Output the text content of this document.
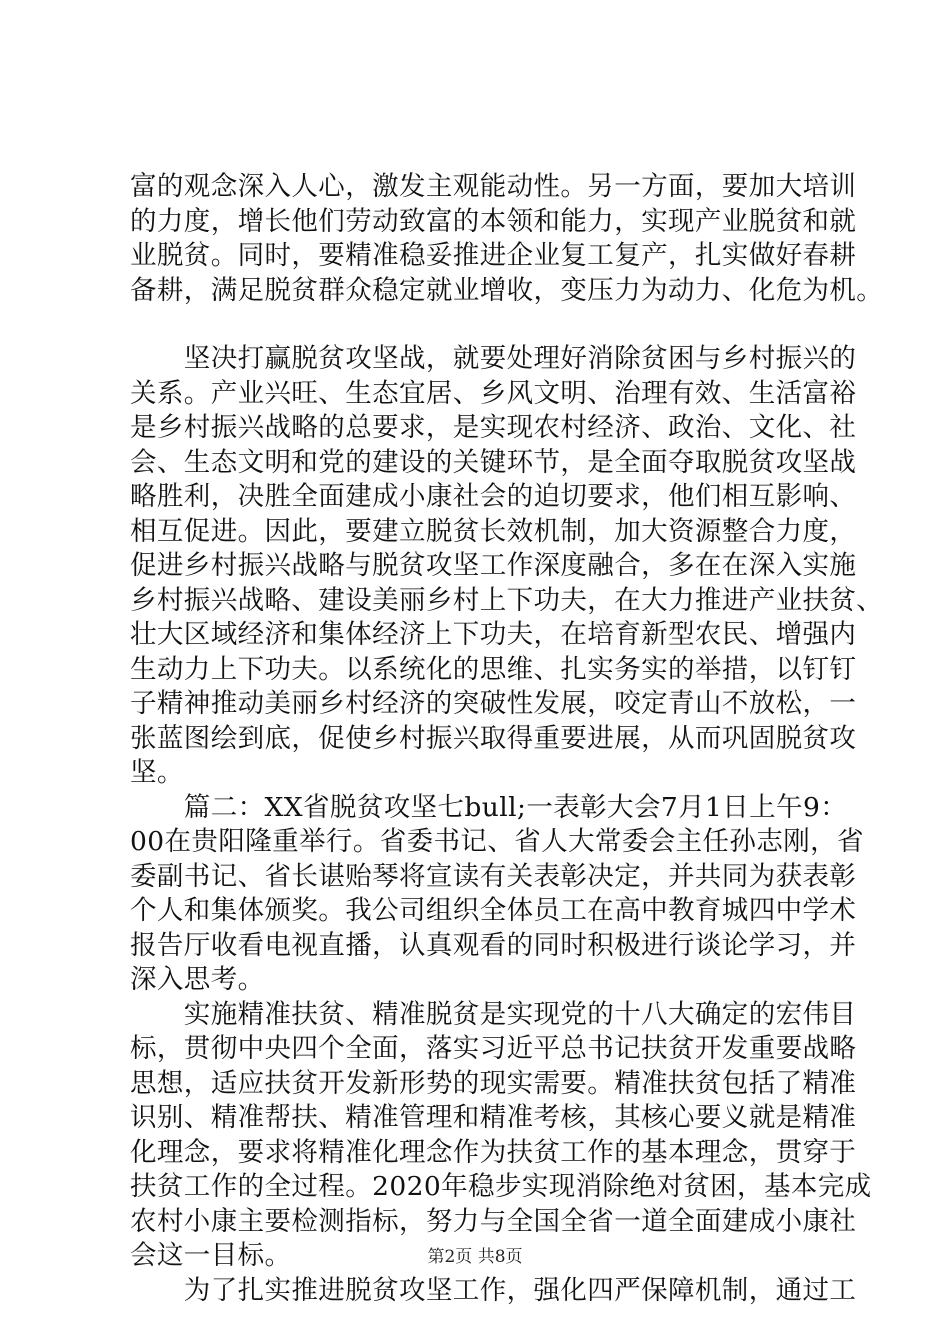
富的观念深入人心，激发主观能动性。另一方面，要加大培训
的力度，增长他们劳动致富的本领和能力，实现产业脱贫和就
业脱贫。同时，要精准稳妥推进企业复工复产，扎实做好春耕
备耕，满足脱贫群众稳定就业增收，变压力为动力、化危为机。
　　坚决打赢脱贫攻坚战，就要处理好消除贫困与乡村振兴的
关系。产业兴旺、生态宜居、乡风文明、治理有效、生活富裕
是乡村振兴战略的总要求，是实现农村经济、政治、文化、社
会、生态文明和党的建设的关键环节，是全面夺取脱贫攻坚战
略胜利，决胜全面建成小康社会的迫切要求，他们相互影响、
相互促进。因此，要建立脱贫长效机制，加大资源整合力度，
促进乡村振兴战略与脱贫攻坚工作深度融合，多在在深入实施
乡村振兴战略、建设美丽乡村上下功夫，在大力推进产业扶贫、
壮大区域经济和集体经济上下功夫，在培育新型农民、增强内
生动力上下功夫。以系统化的思维、扎实务实的举措，以钉钉
子精神推动美丽乡村经济的突破性发展，咬定青山不放松，一
张蓝图绘到底，促使乡村振兴取得重要进展，从而巩固脱贫攻
坚。
　　篇二：XX省脱贫攻坚七bull;一表彰大会7月1日上午9：
00在贵阳隆重举行。省委书记、省人大常委会主任孙志刚，省
委副书记、省长谌贻琴将宣读有关表彰决定，并共同为获表彰
个人和集体颁奖。我公司组织全体员工在高中教育城四中学术
报告厅收看电视直播，认真观看的同时积极进行谈论学习，并
深入思考。
　　实施精准扶贫、精准脱贫是实现党的十八大确定的宏伟目
标，贯彻中央四个全面，落实习近平总书记扶贫开发重要战略
思想，适应扶贫开发新形势的现实需要。精准扶贫包括了精准
识别、精准帮扶、精准管理和精准考核，其核心要义就是精准
化理念，要求将精准化理念作为扶贫工作的基本理念，贯穿于
扶贫工作的全过程。2020年稳步实现消除绝对贫困，基本完成
农村小康主要检测指标，努力与全国全省一道全面建成小康社
会这一目标。
　　为了扎实推进脱贫攻坚工作，强化四严保障机制，通过工
第2页 共8页
